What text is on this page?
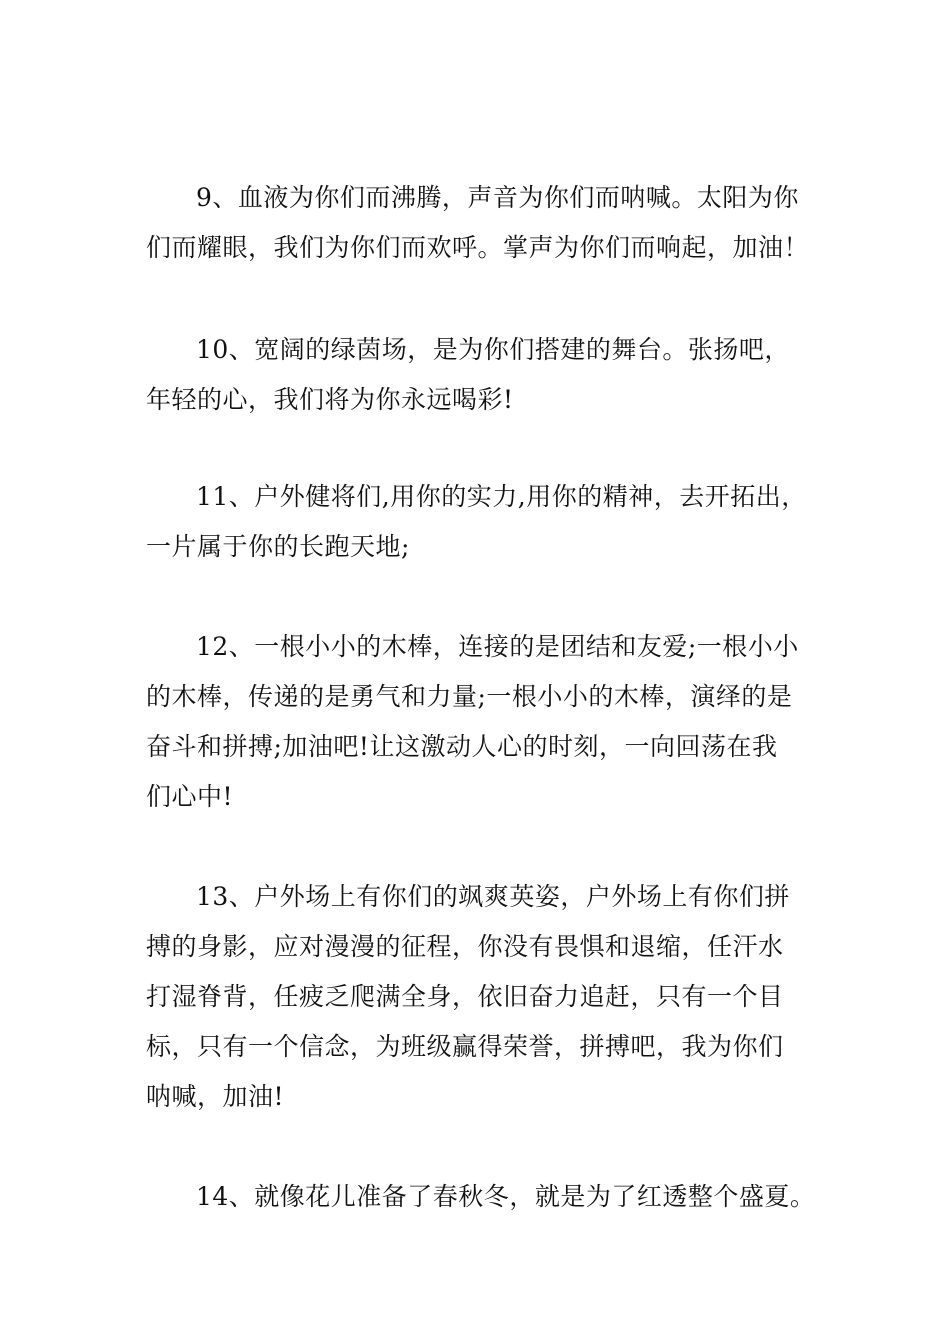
9、血液为你们而沸腾，声音为你们而呐喊。太阳为你
们而耀眼，我们为你们而欢呼。掌声为你们而响起，加油！

10、宽阔的绿茵场，是为你们搭建的舞台。张扬吧，
年轻的心，我们将为你永远喝彩!

11、户外健将们,用你的实力,用你的精神，去开拓出，
一片属于你的长跑天地;

12、一根小小的木棒，连接的是团结和友爱;一根小小
的木棒，传递的是勇气和力量;一根小小的木棒，演绎的是
奋斗和拼搏;加油吧!让这激动人心的时刻，一向回荡在我
们心中!

13、户外场上有你们的飒爽英姿，户外场上有你们拼
搏的身影，应对漫漫的征程，你没有畏惧和退缩，任汗水
打湿脊背，任疲乏爬满全身，依旧奋力追赶，只有一个目
标，只有一个信念，为班级赢得荣誉，拼搏吧，我为你们
呐喊，加油!

14、就像花儿准备了春秋冬，就是为了红透整个盛夏。
